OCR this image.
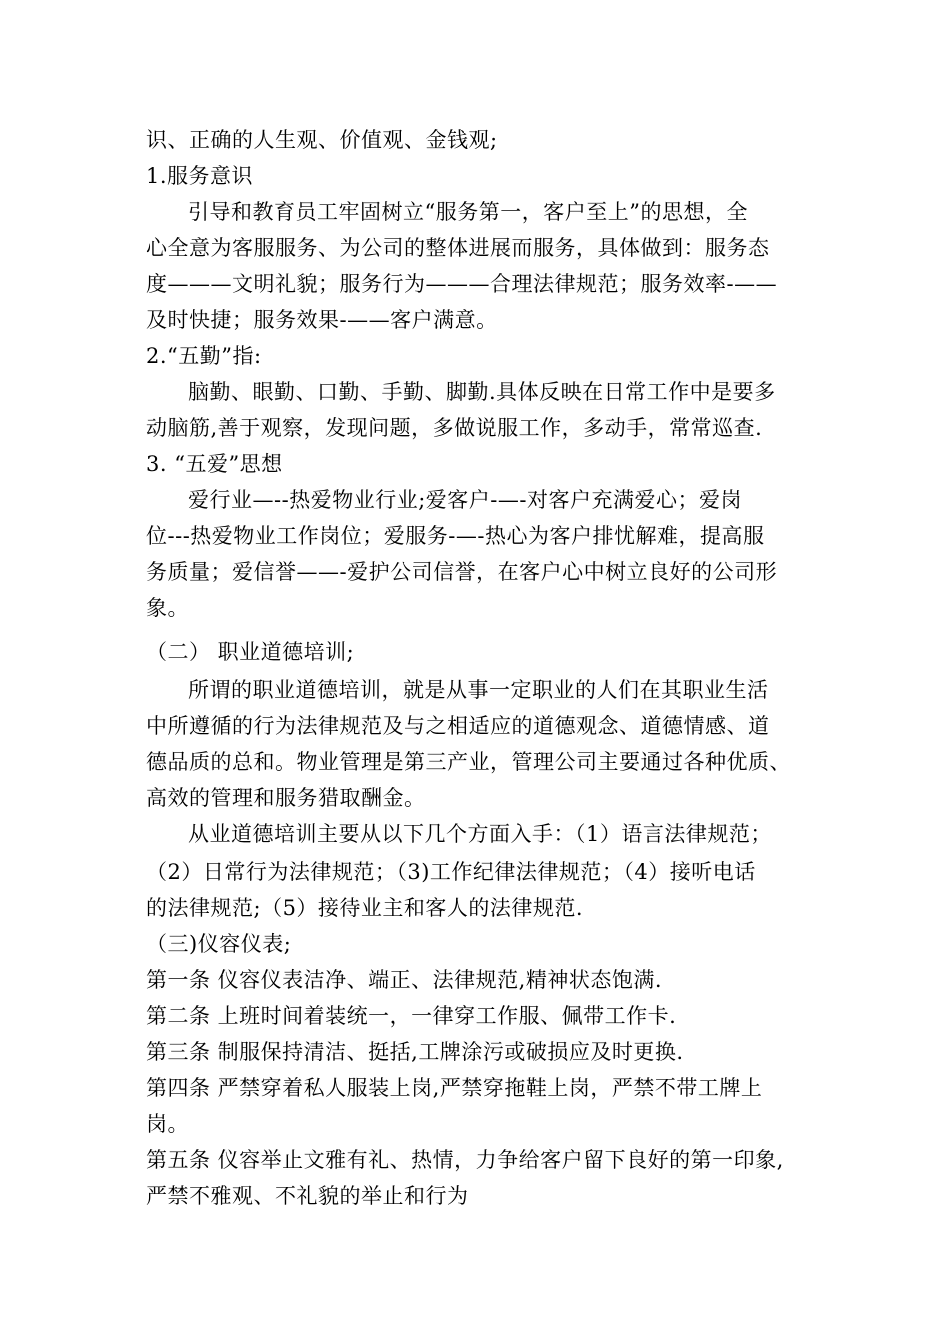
识、正确的人生观、价值观、金钱观;
1.服务意识
引导和教育员工牢固树立“服务第一，客户至上”的思想，全
心全意为客服服务、为公司的整体进展而服务，具体做到：服务态
度———文明礼貌；服务行为———合理法律规范；服务效率-——
及时快捷；服务效果-——客户满意。
2.“五勤”指:
脑勤、眼勤、口勤、手勤、脚勤.具体反映在日常工作中是要多
动脑筋,善于观察，发现问题，多做说服工作，多动手，常常巡查.
3. “五爱”思想
爱行业—--热爱物业行业;爱客户-—-对客户充满爱心；爱岗
位---热爱物业工作岗位；爱服务-—-热心为客户排忧解难，提高服
务质量；爱信誉——-爱护公司信誉，在客户心中树立良好的公司形
象。
（二） 职业道德培训;
所谓的职业道德培训，就是从事一定职业的人们在其职业生活
中所遵循的行为法律规范及与之相适应的道德观念、道德情感、道
德品质的总和。物业管理是第三产业，管理公司主要通过各种优质、
高效的管理和服务猎取酬金。
从业道德培训主要从以下几个方面入手：（1）语言法律规范；
（2）日常行为法律规范；（3)工作纪律法律规范；（4）接听电话
的法律规范;（5）接待业主和客人的法律规范.
（三)仪容仪表;
第一条 仪容仪表洁净、端正、法律规范,精神状态饱满.
第二条 上班时间着装统一，一律穿工作服、佩带工作卡.
第三条 制服保持清洁、挺括,工牌涂污或破损应及时更换.
第四条 严禁穿着私人服装上岗,严禁穿拖鞋上岗，严禁不带工牌上
岗。
第五条 仪容举止文雅有礼、热情，力争给客户留下良好的第一印象,
严禁不雅观、不礼貌的举止和行为
